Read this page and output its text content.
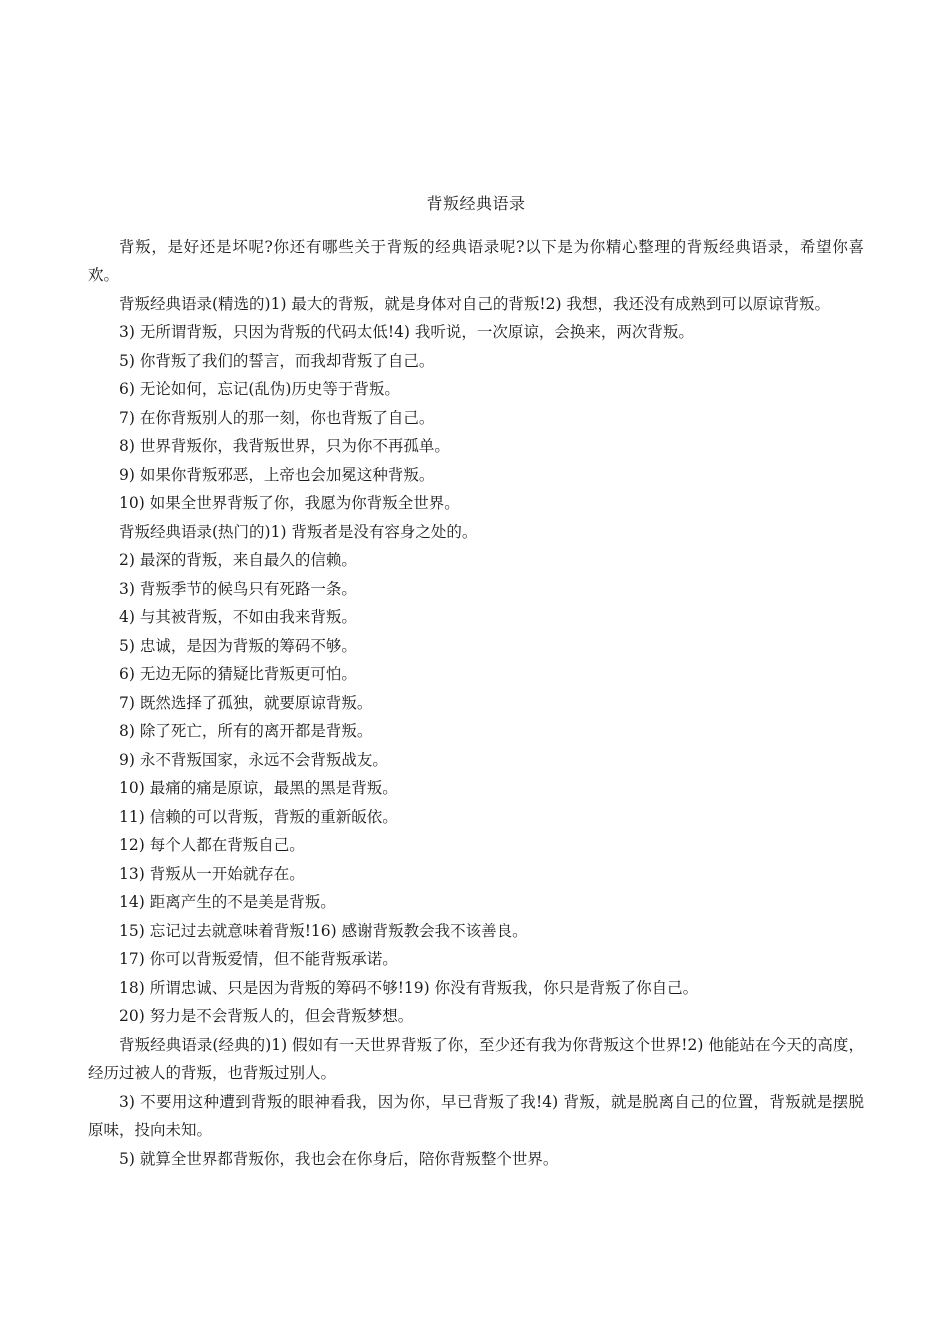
背叛经典语录

背叛，是好还是坏呢?你还有哪些关于背叛的经典语录呢?以下是为你精心整理的背叛经典语录，希望你喜欢。

背叛经典语录(精选的)1) 最大的背叛，就是身体对自己的背叛!2) 我想，我还没有成熟到可以原谅背叛。

3) 无所谓背叛，只因为背叛的代码太低!4) 我听说，一次原谅，会换来，两次背叛。

5) 你背叛了我们的誓言，而我却背叛了自己。

6) 无论如何，忘记(乱伪)历史等于背叛。

7) 在你背叛别人的那一刻，你也背叛了自己。

8) 世界背叛你，我背叛世界，只为你不再孤单。

9) 如果你背叛邪恶，上帝也会加冕这种背叛。

10) 如果全世界背叛了你，我愿为你背叛全世界。

背叛经典语录(热门的)1) 背叛者是没有容身之处的。

2) 最深的背叛，来自最久的信赖。

3) 背叛季节的候鸟只有死路一条。

4) 与其被背叛，不如由我来背叛。

5) 忠诚，是因为背叛的筹码不够。

6) 无边无际的猜疑比背叛更可怕。

7) 既然选择了孤独，就要原谅背叛。

8) 除了死亡，所有的离开都是背叛。

9) 永不背叛国家，永远不会背叛战友。

10) 最痛的痛是原谅，最黑的黑是背叛。

11) 信赖的可以背叛，背叛的重新皈依。

12) 每个人都在背叛自己。

13) 背叛从一开始就存在。

14) 距离产生的不是美是背叛。

15) 忘记过去就意味着背叛!16) 感谢背叛教会我不该善良。

17) 你可以背叛爱情，但不能背叛承诺。

18) 所谓忠诚、只是因为背叛的筹码不够!19) 你没有背叛我，你只是背叛了你自己。

20) 努力是不会背叛人的，但会背叛梦想。

背叛经典语录(经典的)1) 假如有一天世界背叛了你，至少还有我为你背叛这个世界!2) 他能站在今天的高度，经历过被人的背叛，也背叛过别人。

3) 不要用这种遭到背叛的眼神看我，因为你，早已背叛了我!4) 背叛，就是脱离自己的位置，背叛就是摆脱原味，投向未知。

5) 就算全世界都背叛你，我也会在你身后，陪你背叛整个世界。
